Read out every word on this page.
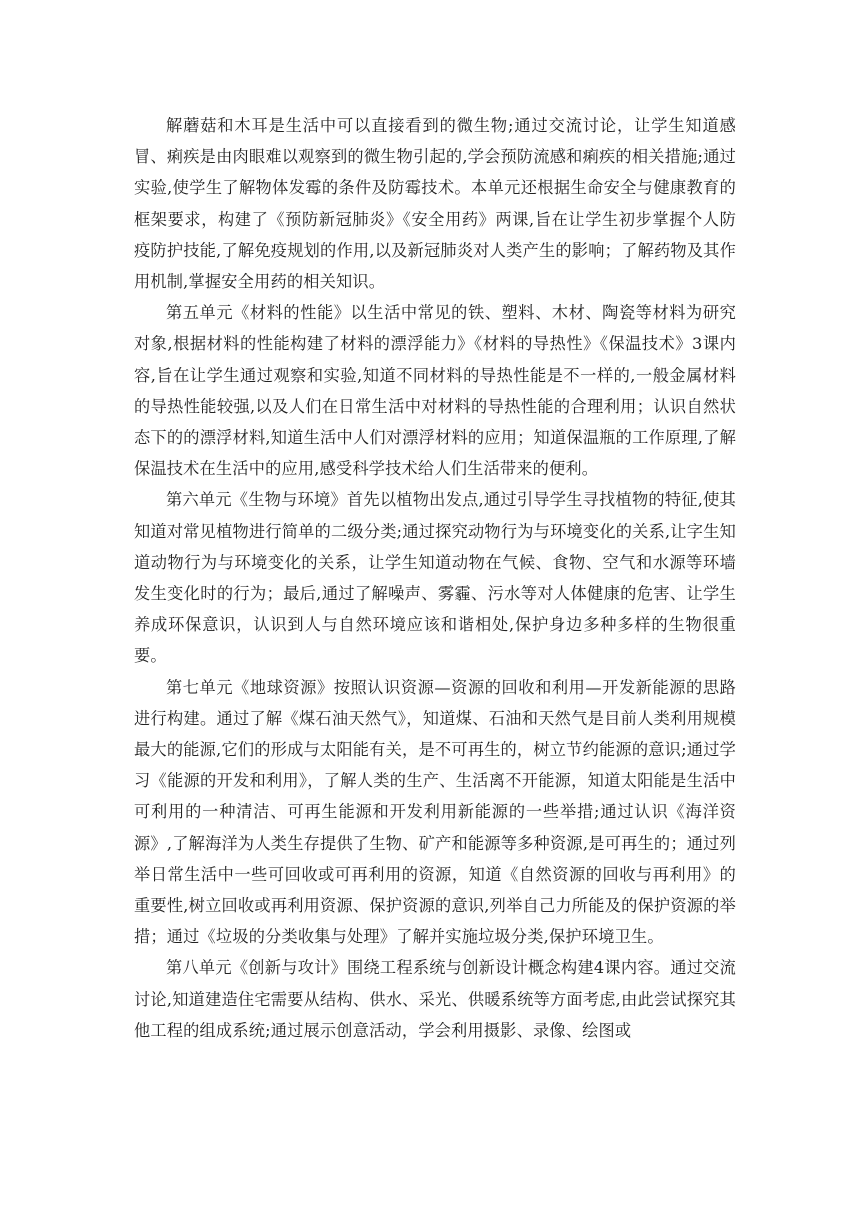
解蘑菇和木耳是生活中可以直接看到的微生物;通过交流讨论，让学生知道感冒、痢疾是由肉眼难以观察到的微生物引起的,学会预防流感和痢疾的相关措施;通过实验,使学生了解物体发霉的条件及防霉技术。本单元还根据生命安全与健康教育的框架要求，构建了《预防新冠肺炎》《安全用药》两课,旨在让学生初步掌握个人防疫防护技能,了解免疫规划的作用,以及新冠肺炎对人类产生的影响；了解药物及其作用机制,掌握安全用药的相关知识。

第五单元《材料的性能》以生活中常见的铁、塑料、木材、陶瓷等材料为研究对象,根据材料的性能构建了材料的漂浮能力》《材料的导热性》《保温技术》3课内容,旨在让学生通过观察和实验,知道不同材料的导热性能是不一样的,一般金属材料的导热性能较强,以及人们在日常生活中对材料的导热性能的合理利用；认识自然状态下的的漂浮材料,知道生活中人们对漂浮材料的应用；知道保温瓶的工作原理,了解保温技术在生活中的应用,感受科学技术给人们生活带来的便利。

第六单元《生物与环境》首先以植物出发点,通过引导学生寻找植物的特征,使其知道对常见植物进行简单的二级分类;通过探究动物行为与环境变化的关系,让字生知道动物行为与环境变化的关系，让学生知道动物在气候、食物、空气和水源等环墙发生变化时的行为；最后,通过了解噪声、雾霾、污水等对人体健康的危害、让学生养成环保意识，认识到人与自然环境应该和谐相处,保护身边多种多样的生物很重要。

第七单元《地球资源》按照认识资源—资源的回收和利用—开发新能源的思路进行构建。通过了解《煤石油天然气》，知道煤、石油和天然气是目前人类利用规模最大的能源,它们的形成与太阳能有关，是不可再生的，树立节约能源的意识;通过学习《能源的开发和利用》，了解人类的生产、生活离不开能源，知道太阳能是生活中可利用的一种清洁、可再生能源和开发利用新能源的一些举措;通过认识《海洋资源》,了解海洋为人类生存提供了生物、矿产和能源等多种资源,是可再生的；通过列举日常生活中一些可回收或可再利用的资源，知道《自然资源的回收与再利用》的重要性,树立回收或再利用资源、保护资源的意识,列举自己力所能及的保护资源的举措；通过《垃圾的分类收集与处理》了解并实施垃圾分类,保护环境卫生。

第八单元《创新与攻计》围绕工程系统与创新设计概念构建4课内容。通过交流讨论,知道建造住宅需要从结构、供水、采光、供暖系统等方面考虑,由此尝试探究其他工程的组成系统;通过展示创意活动，学会利用摄影、录像、绘图或
